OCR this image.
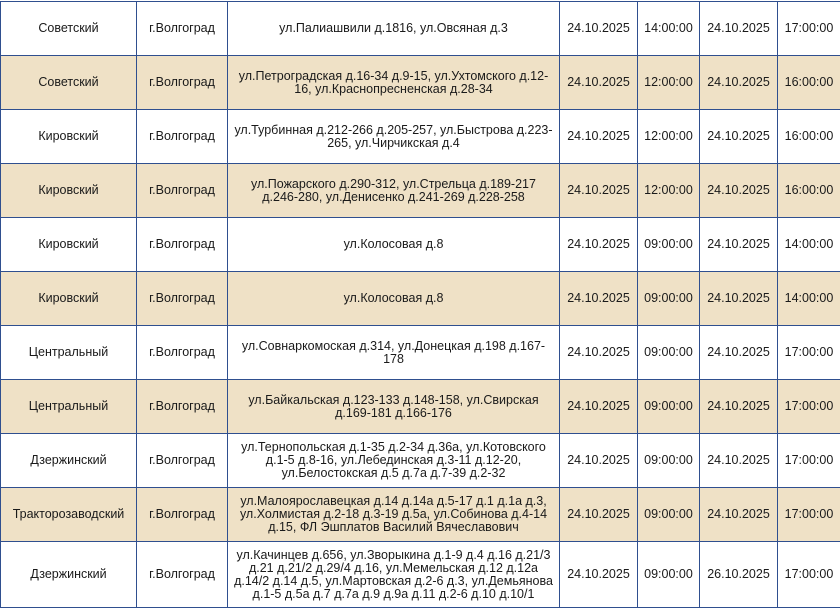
Советский	г.Волгоград	ул.Палиашвили д.1816, ул.Овсяная д.3	24.10.2025	14:00:00	24.10.2025	17:00:00
Советский	г.Волгоград	ул.Петроградская д.16-34 д.9-15, ул.Ухтомского д.12-16, ул.Краснопресненская д.28-34	24.10.2025	12:00:00	24.10.2025	16:00:00
Кировский	г.Волгоград	ул.Турбинная д.212-266 д.205-257, ул.Быстрова д.223-265, ул.Чирчикская д.4	24.10.2025	12:00:00	24.10.2025	16:00:00
Кировский	г.Волгоград	ул.Пожарского д.290-312, ул.Стрельца д.189-217 д.246-280, ул.Денисенко д.241-269 д.228-258	24.10.2025	12:00:00	24.10.2025	16:00:00
Кировский	г.Волгоград	ул.Колосовая д.8	24.10.2025	09:00:00	24.10.2025	14:00:00
Кировский	г.Волгоград	ул.Колосовая д.8	24.10.2025	09:00:00	24.10.2025	14:00:00
Центральный	г.Волгоград	ул.Совнаркомоская д.314, ул.Донецкая д.198 д.167-178	24.10.2025	09:00:00	24.10.2025	17:00:00
Центральный	г.Волгоград	ул.Байкальская д.123-133 д.148-158, ул.Свирская д.169-181 д.166-176	24.10.2025	09:00:00	24.10.2025	17:00:00
Дзержинский	г.Волгоград	ул.Тернопольская д.1-35 д.2-34 д.36а, ул.Котовского д.1-5 д.8-16, ул.Лебединская д.3-11 д.12-20, ул.Белостокская д.5 д.7а д.7-39 д.2-32	24.10.2025	09:00:00	24.10.2025	17:00:00
Тракторозаводский	г.Волгоград	ул.Малоярославецкая д.14 д.14а д.5-17 д.1 д.1а д.3, ул.Холмистая д.2-18 д.3-19 д.5а, ул.Собинова д.4-14 д.15, ФЛ Эшплатов Василий Вячеславович	24.10.2025	09:00:00	24.10.2025	17:00:00
Дзержинский	г.Волгоград	ул.Качинцев д.656, ул.Зворыкина д.1-9 д.4 д.16 д.21/3 д.21 д.21/2 д.29/4 д.16, ул.Мемельская д.12 д.12а д.14/2 д.14 д.5, ул.Мартовская д.2-6 д.3, ул.Демьянова д.1-5 д.5а д.7 д.7а д.9 д.9а д.11 д.2-6 д.10 д.10/1	24.10.2025	09:00:00	26.10.2025	17:00:00
